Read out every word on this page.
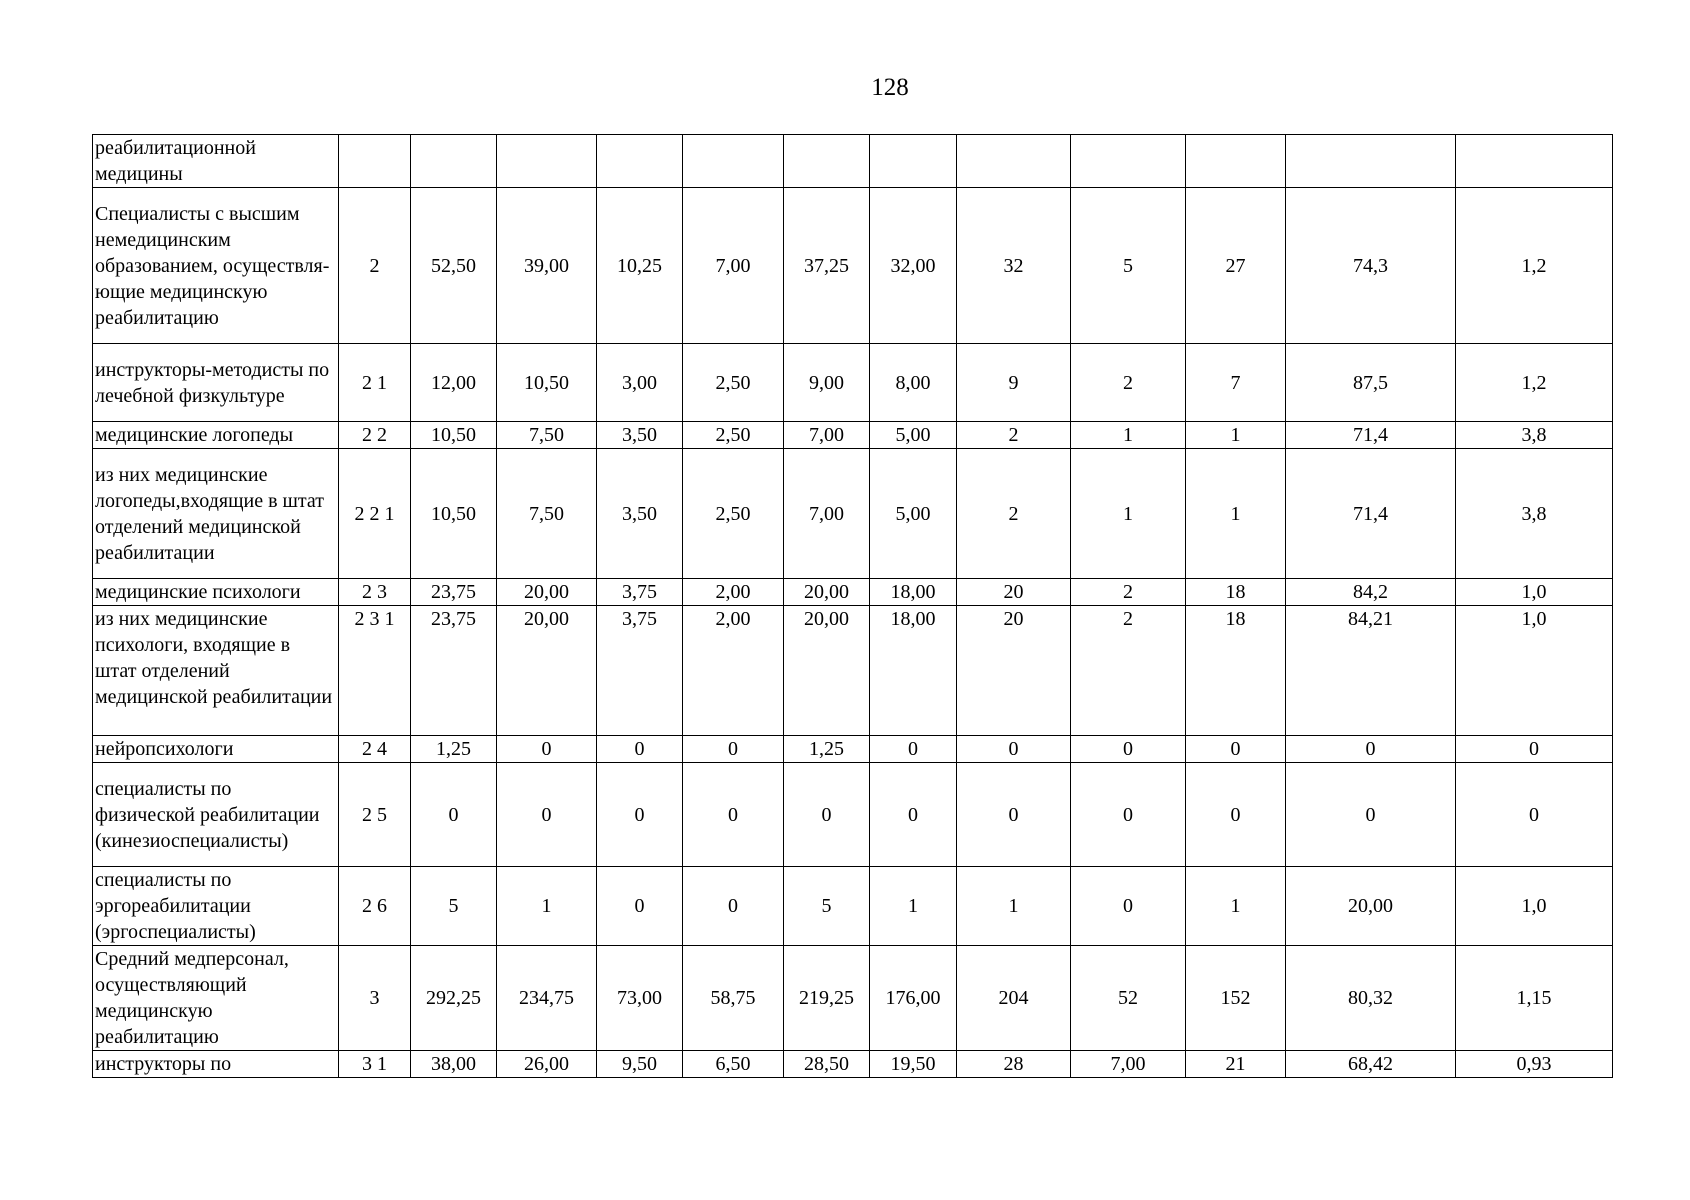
128
реабилитационной медицины												
Специалисты с высшим немедицинским образованием, осуществля-ющие медицинскую реабилитацию	2	52,50	39,00	10,25	7,00	37,25	32,00	32	5	27	74,3	1,2
инструкторы-методисты по лечебной физкультуре	2 1	12,00	10,50	3,00	2,50	9,00	8,00	9	2	7	87,5	1,2
медицинские логопеды	2 2	10,50	7,50	3,50	2,50	7,00	5,00	2	1	1	71,4	3,8
из них медицинские логопеды,входящие в штат отделений медицинской реабилитации	2 2 1	10,50	7,50	3,50	2,50	7,00	5,00	2	1	1	71,4	3,8
медицинские психологи	2 3	23,75	20,00	3,75	2,00	20,00	18,00	20	2	18	84,2	1,0
из них медицинские психологи, входящие в штат отделений медицинской реабилитации	2 3 1	23,75	20,00	3,75	2,00	20,00	18,00	20	2	18	84,21	1,0
нейропсихологи	2 4	1,25	0	0	0	1,25	0	0	0	0	0	0
специалисты по физической реабилитации (кинезиоспециалисты)	2 5	0	0	0	0	0	0	0	0	0	0	0
специалисты по эргореабилитации (эргоспециалисты)	2 6	5	1	0	0	5	1	1	0	1	20,00	1,0
Средний медперсонал, осуществляющий медицинскую реабилитацию	3	292,25	234,75	73,00	58,75	219,25	176,00	204	52	152	80,32	1,15
инструкторы по	3 1	38,00	26,00	9,50	6,50	28,50	19,50	28	7,00	21	68,42	0,93
